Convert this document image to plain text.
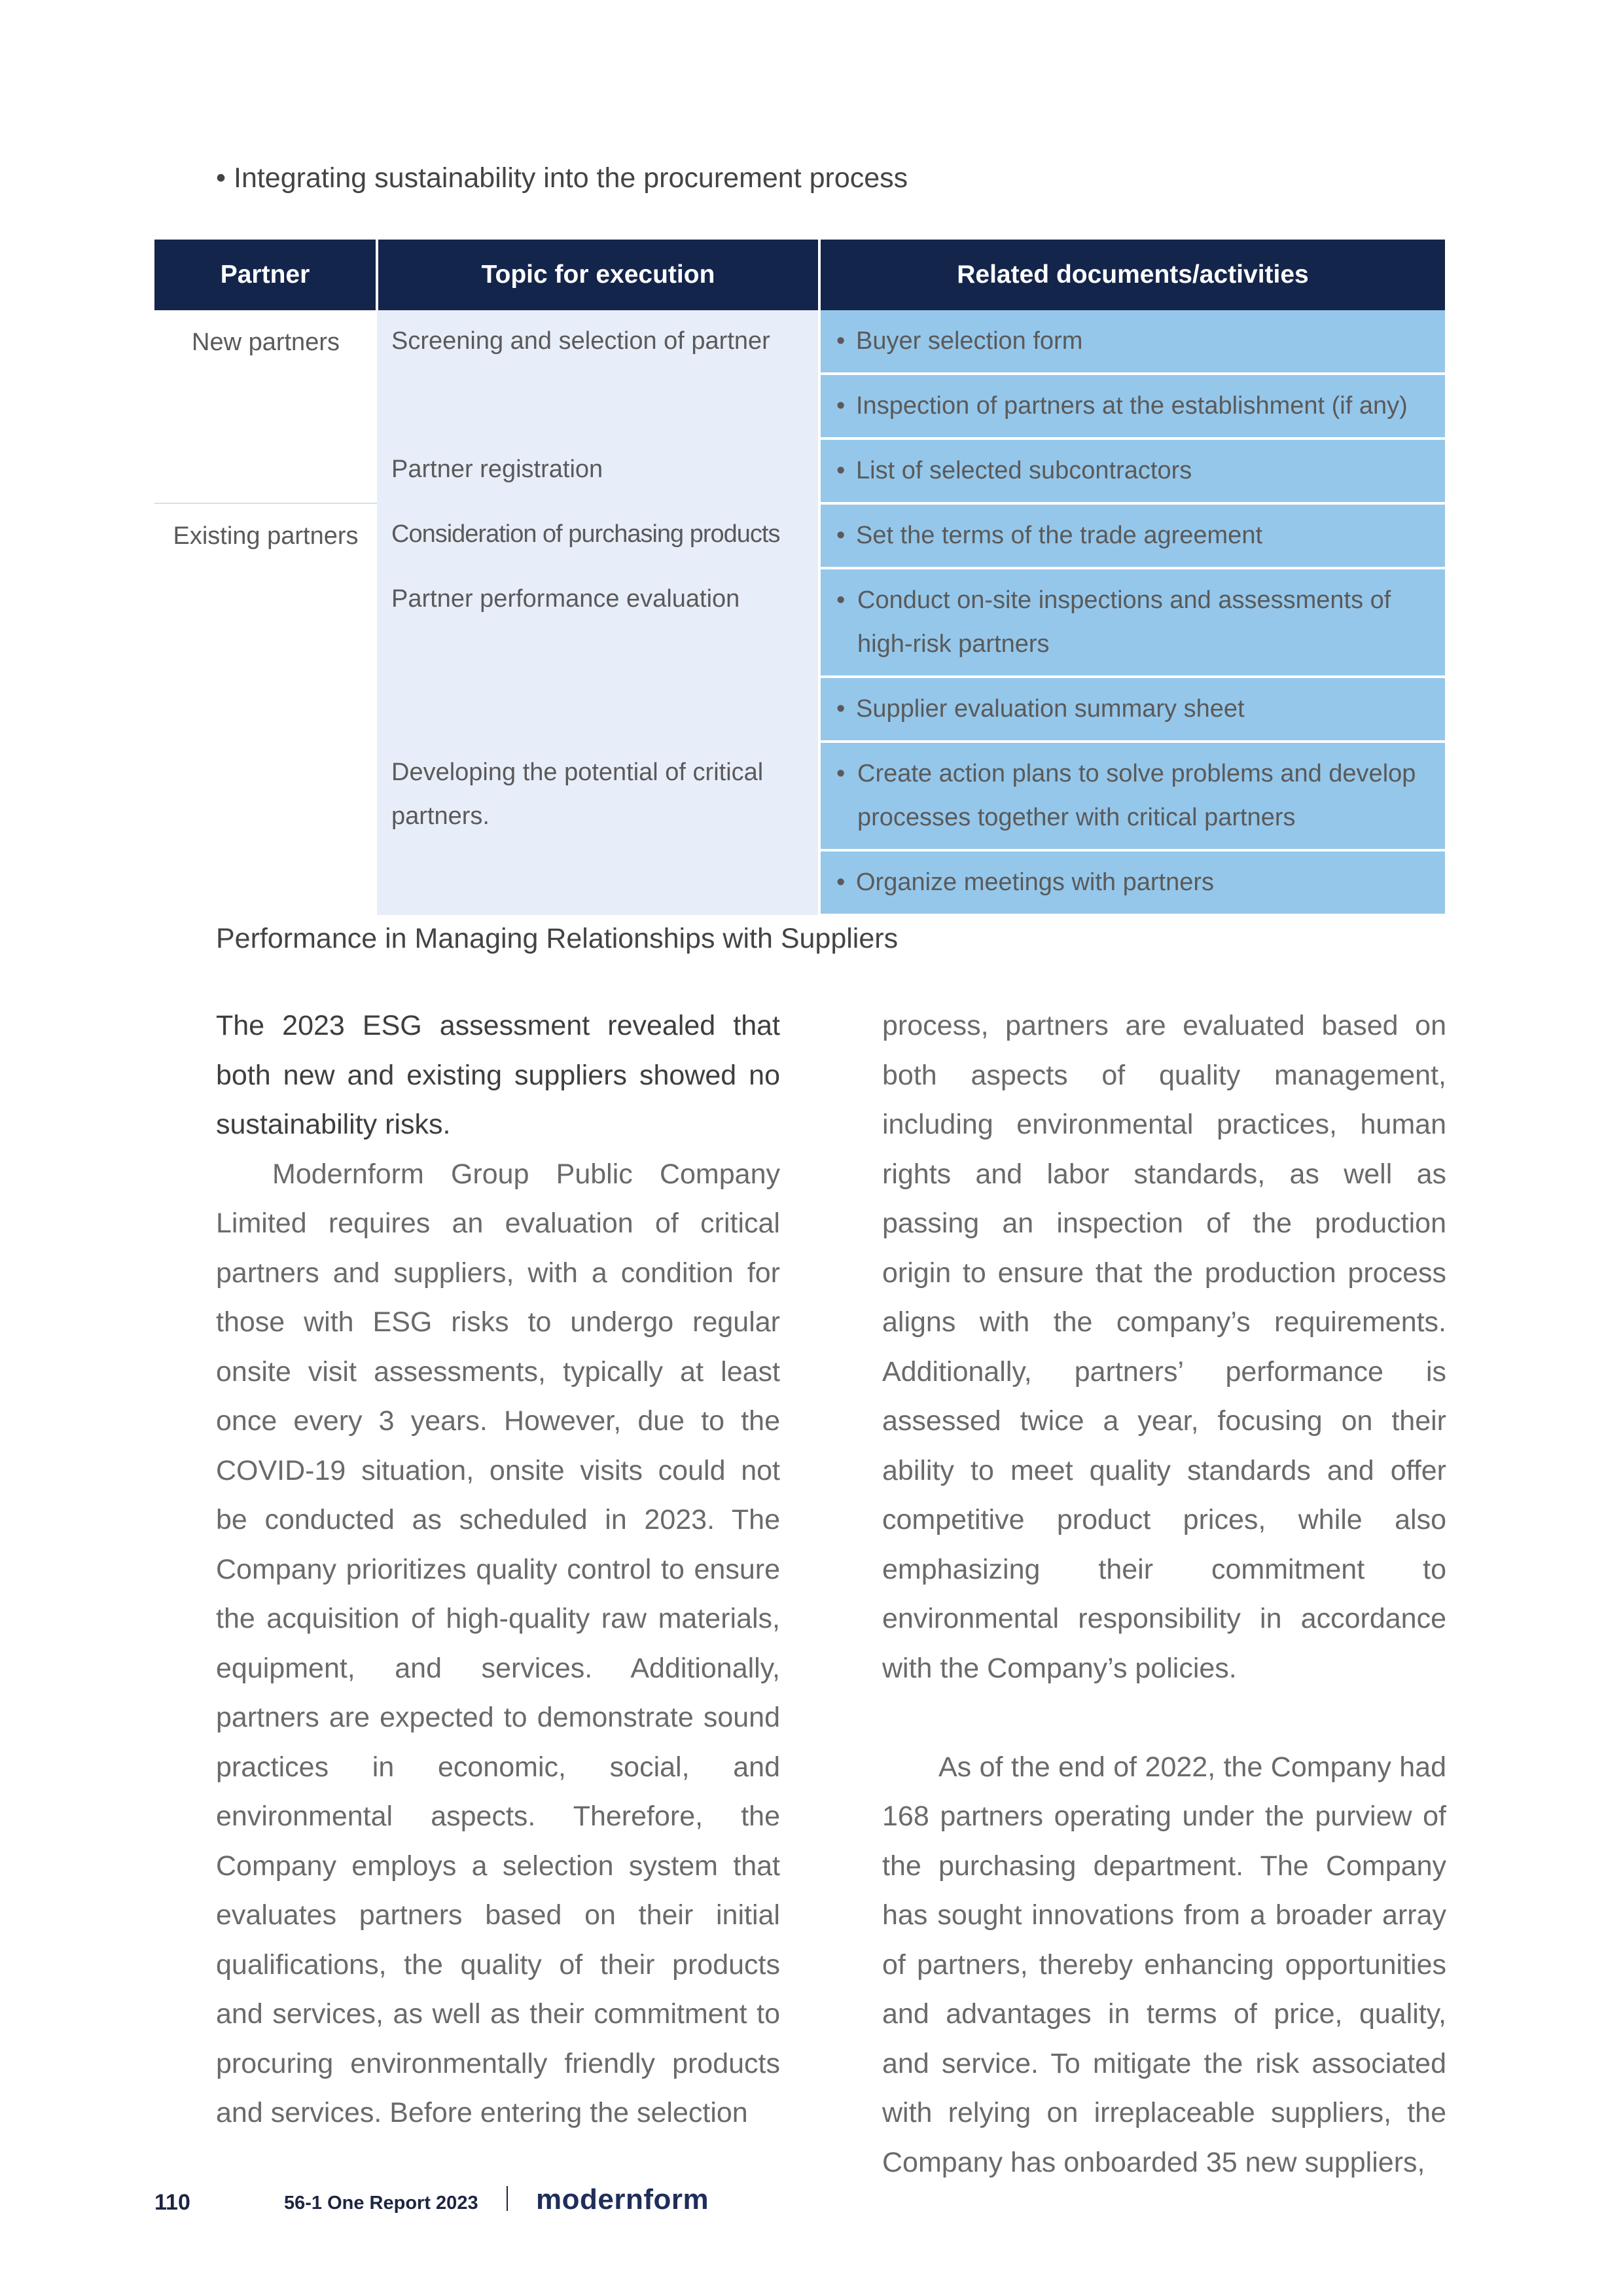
• Integrating sustainability into the procurement process
Partner	Topic for execution	Related documents/activities
New partners	Screening and selection of partner	• Buyer selection form
		• Inspection of partners at the establishment (if any)
	Partner registration	• List of selected subcontractors
Existing partners	Consideration of purchasing products	• Set the terms of the trade agreement
	Partner performance evaluation	• Conduct on-site inspections and assessments of high-risk partners

		• Supplier evaluation summary sheet
	Developing the potential of critical partners.	• Create action plans to solve problems and develop processes together with critical partners

		• Organize meetings with partners
Performance in Managing Relationships with Suppliers

The 2023 ESG assessment revealed that both new and existing suppliers showed no sustainability risks.

Modernform Group Public Company Limited requires an evaluation of critical partners and suppliers, with a condition for those with ESG risks to undergo regular onsite visit assessments, typically at least once every 3 years. However, due to the COVID-19 situation, onsite visits could not be conducted as scheduled in 2023. The Company prioritizes quality control to ensure the acquisition of high-quality raw materials, equipment, and services. Additionally, partners are expected to demonstrate sound practices in economic, social, and environmental aspects. Therefore, the Company employs a selection system that evaluates partners based on their initial qualifications, the quality of their products and services, as well as their commitment to procuring environmentally friendly products and services. Before entering the selection

process, partners are evaluated based on both aspects of quality management, including environmental practices, human rights and labor standards, as well as passing an inspection of the production origin to ensure that the production process aligns with the company’s requirements. Additionally, partners’ performance is assessed twice a year, focusing on their ability to meet quality standards and offer competitive product prices, while also emphasizing their commitment to environmental responsibility in accordance with the Company’s policies.

As of the end of 2022, the Company had 168 partners operating under the purview of the purchasing department. The Company has sought innovations from a broader array of partners, thereby enhancing opportunities and advantages in terms of price, quality, and service. To mitigate the risk associated with relying on irreplaceable suppliers, the Company has onboarded 35 new suppliers,

110	56-1 One Report 2023 modernform
